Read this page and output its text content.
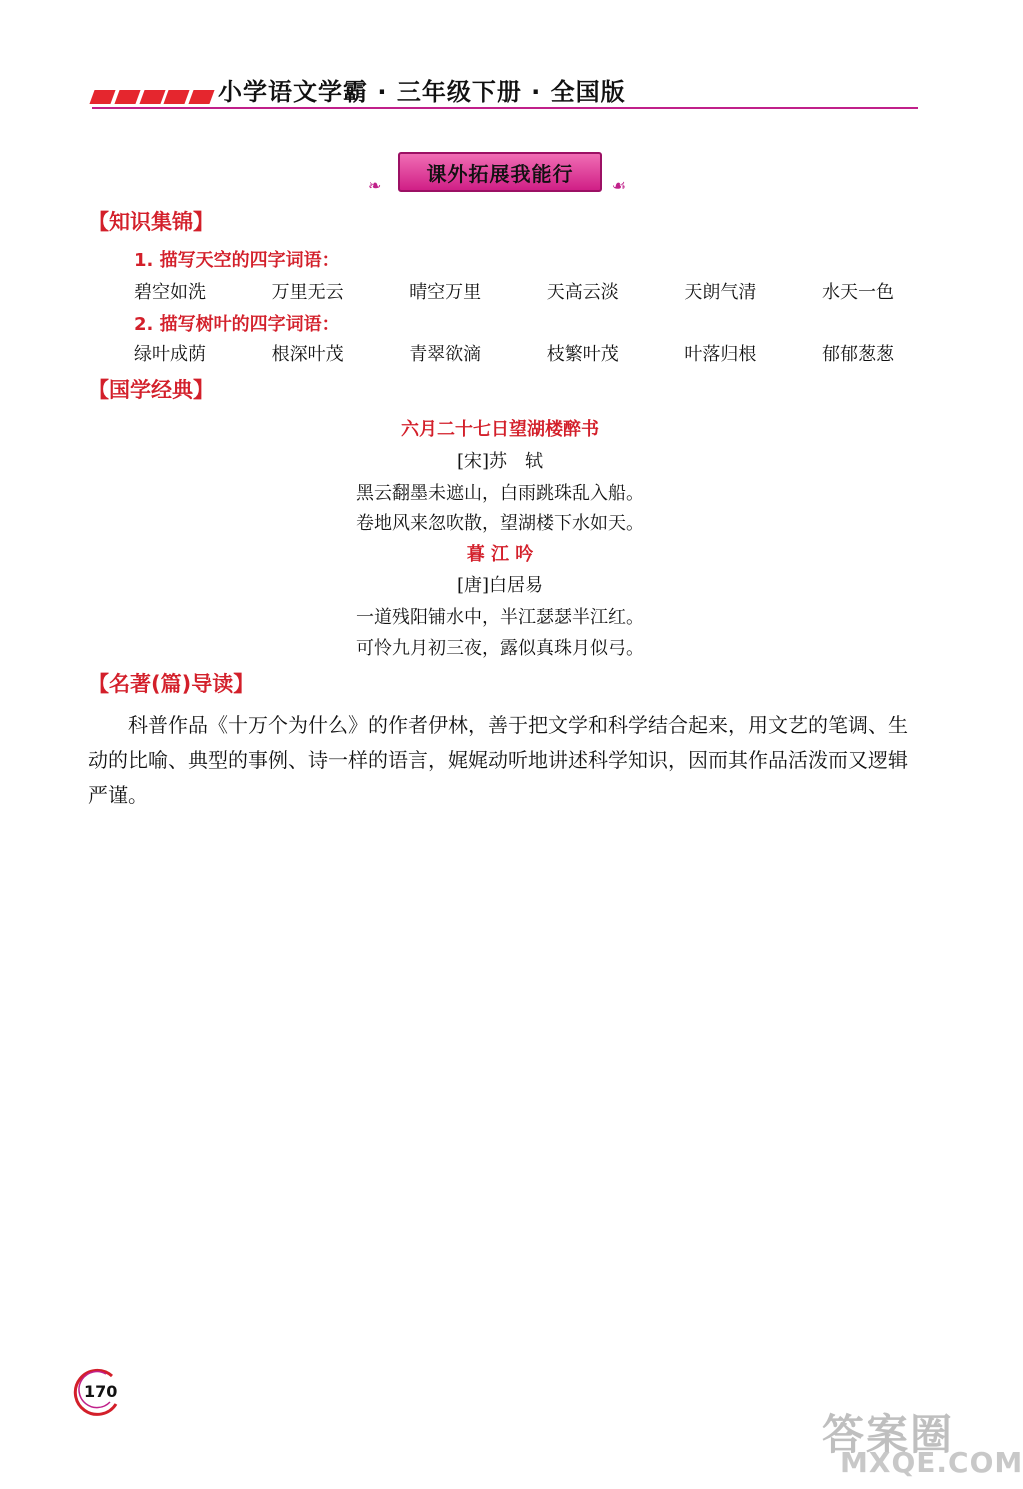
小学语文学霸 · 三年级下册 · 全国版
❧	课外拓展我能行	☙
【知识集锦】
1. 描写天空的四字词语：
碧空如洗	万里无云	晴空万里	天高云淡	天朗气清	水天一色
2. 描写树叶的四字词语：
绿叶成荫	根深叶茂	青翠欲滴	枝繁叶茂	叶落归根	郁郁葱葱
【国学经典】
六月二十七日望湖楼醉书
[宋]苏　轼
黑云翻墨未遮山，白雨跳珠乱入船。
卷地风来忽吹散，望湖楼下水如天。
暮 江 吟
[唐]白居易
一道残阳铺水中，半江瑟瑟半江红。
可怜九月初三夜，露似真珠月似弓。
【名著(篇)导读】
科普作品《十万个为什么》的作者伊林，善于把文学和科学结合起来，用文艺的笔调、生动的比喻、典型的事例、诗一样的语言，娓娓动听地讲述科学知识，因而其作品活泼而又逻辑严谨。
170
答案圈
MXQE.COM
